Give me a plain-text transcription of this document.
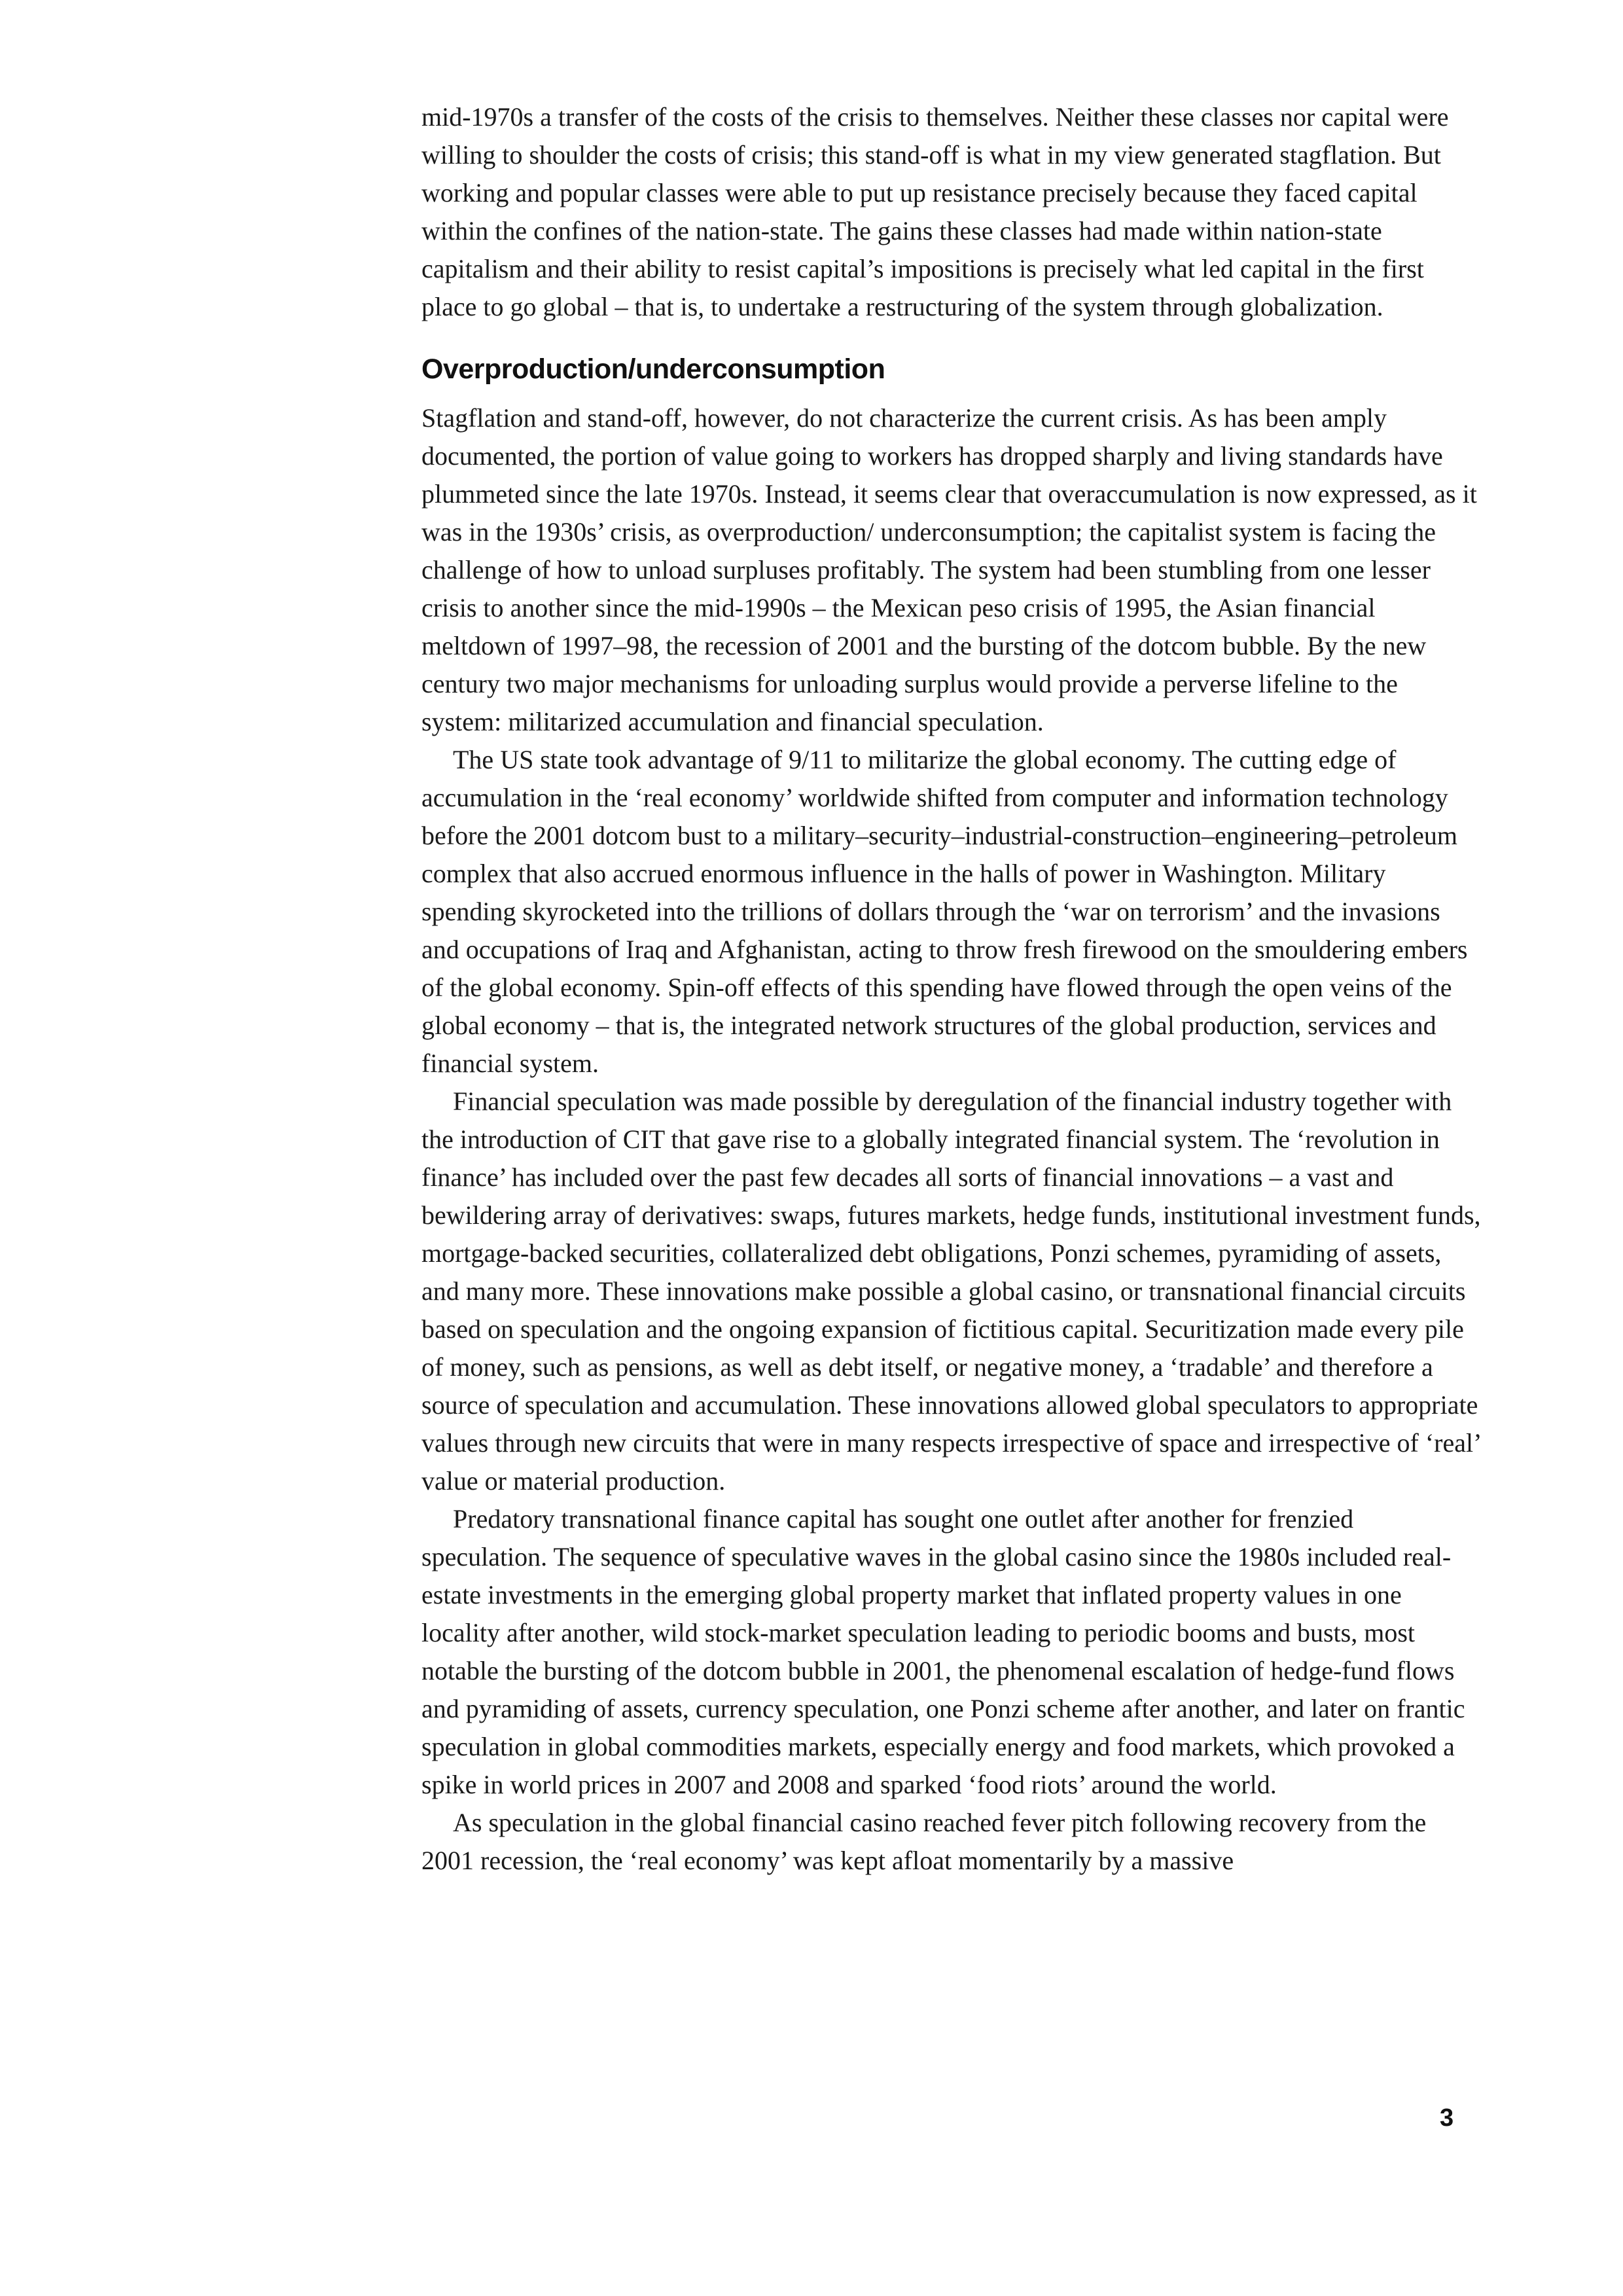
mid-1970s a transfer of the costs of the crisis to themselves. Neither these classes nor capital were willing to shoulder the costs of crisis; this stand-off is what in my view generated stagflation. But working and popular classes were able to put up resistance precisely because they faced capital within the confines of the nation-state. The gains these classes had made within nation-state capitalism and their ability to resist capital’s impositions is precisely what led capital in the first place to go global – that is, to undertake a restructuring of the system through globalization.

Overproduction/underconsumption

Stagflation and stand-off, however, do not characterize the current crisis. As has been amply documented, the portion of value going to workers has dropped sharply and living standards have plummeted since the late 1970s. Instead, it seems clear that overaccumulation is now expressed, as it was in the 1930s’ crisis, as overproduction/ underconsumption; the capitalist system is facing the challenge of how to unload surpluses profitably. The system had been stumbling from one lesser crisis to another since the mid-1990s – the Mexican peso crisis of 1995, the Asian financial meltdown of 1997–98, the recession of 2001 and the bursting of the dotcom bubble. By the new century two major mechanisms for unloading surplus would provide a perverse lifeline to the system: militarized accumulation and financial speculation.

The US state took advantage of 9/11 to militarize the global economy. The cutting edge of accumulation in the ‘real economy’ worldwide shifted from computer and information technology before the 2001 dotcom bust to a military–security–industrial-construction–engineering–petroleum complex that also accrued enormous influence in the halls of power in Washington. Military spending skyrocketed into the trillions of dollars through the ‘war on terrorism’ and the invasions and occupations of Iraq and Afghanistan, acting to throw fresh firewood on the smouldering embers of the global economy. Spin-off effects of this spending have flowed through the open veins of the global economy – that is, the integrated network structures of the global production, services and financial system.

Financial speculation was made possible by deregulation of the financial industry together with the introduction of CIT that gave rise to a globally integrated financial system. The ‘revolution in finance’ has included over the past few decades all sorts of financial innovations – a vast and bewildering array of derivatives: swaps, futures markets, hedge funds, institutional investment funds, mortgage-backed securities, collateralized debt obligations, Ponzi schemes, pyramiding of assets, and many more. These innovations make possible a global casino, or transnational financial circuits based on speculation and the ongoing expansion of fictitious capital. Securitization made every pile of money, such as pensions, as well as debt itself, or negative money, a ‘tradable’ and therefore a source of speculation and accumulation. These innovations allowed global speculators to appropriate values through new circuits that were in many respects irrespective of space and irrespective of ‘real’ value or material production.

Predatory transnational finance capital has sought one outlet after another for frenzied speculation. The sequence of speculative waves in the global casino since the 1980s included real-estate investments in the emerging global property market that inflated property values in one locality after another, wild stock-market speculation leading to periodic booms and busts, most notable the bursting of the dotcom bubble in 2001, the phenomenal escalation of hedge-fund flows and pyramiding of assets, currency speculation, one Ponzi scheme after another, and later on frantic speculation in global commodities markets, especially energy and food markets, which provoked a spike in world prices in 2007 and 2008 and sparked ‘food riots’ around the world.

As speculation in the global financial casino reached fever pitch following recovery from the 2001 recession, the ‘real economy’ was kept afloat momentarily by a massive

3
